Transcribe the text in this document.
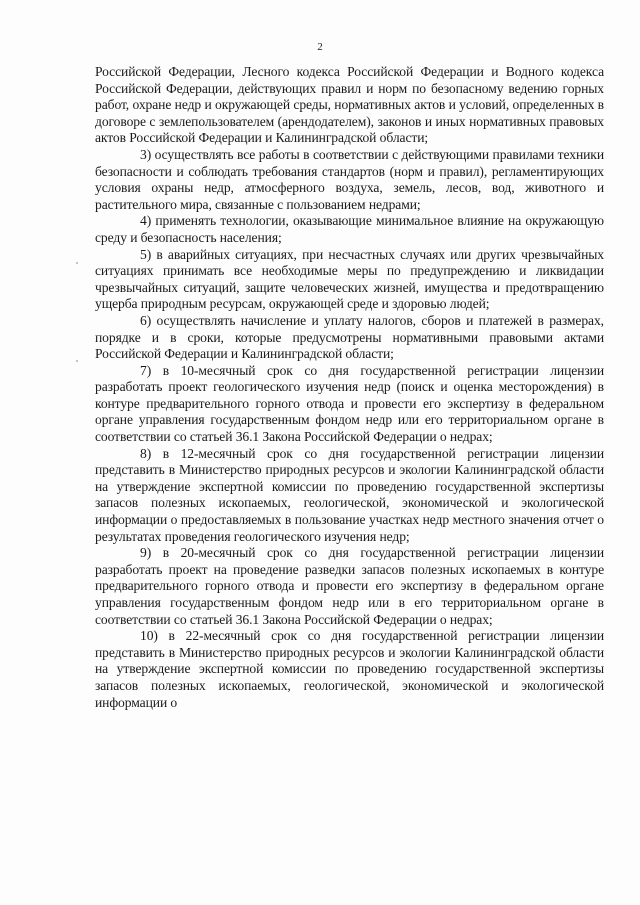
2

Российской Федерации, Лесного кодекса Российской Федерации и Водного кодекса Российской Федерации, действующих правил и норм по безопасному ведению горных работ, охране недр и окружающей среды, нормативных актов и условий, определенных в договоре с землепользователем (арендодателем), законов и иных нормативных правовых актов Российской Федерации и Калининградской области;

3) осуществлять все работы в соответствии с действующими правилами техники безопасности и соблюдать требования стандартов (норм и правил), регламентирующих условия охраны недр, атмосферного воздуха, земель, лесов, вод, животного и растительного мира, связанные с пользованием недрами;

4) применять технологии, оказывающие минимальное влияние на окружающую среду и безопасность населения;

5) в аварийных ситуациях, при несчастных случаях или других чрезвычайных ситуациях принимать все необходимые меры по предупреждению и ликвидации чрезвычайных ситуаций, защите человеческих жизней, имущества и предотвращению ущерба природным ресурсам, окружающей среде и здоровью людей;

6) осуществлять начисление и уплату налогов, сборов и платежей в размерах, порядке и в сроки, которые предусмотрены нормативными правовыми актами Российской Федерации и Калининградской области;

7) в 10-месячный срок со дня государственной регистрации лицензии разработать проект геологического изучения недр (поиск и оценка месторождения) в контуре предварительного горного отвода и провести его экспертизу в федеральном органе управления государственным фондом недр или его территориальном органе в соответствии со статьей 36.1 Закона Российской Федерации о недрах;

8) в 12-месячный срок со дня государственной регистрации лицензии представить в Министерство природных ресурсов и экологии Калининградской области на утверждение экспертной комиссии по проведению государственной экспертизы запасов полезных ископаемых, геологической, экономической и экологической информации о предоставляемых в пользование участках недр местного значения отчет о результатах проведения геологического изучения недр;

9) в 20-месячный срок со дня государственной регистрации лицензии разработать проект на проведение разведки запасов полезных ископаемых в контуре предварительного горного отвода и провести его экспертизу в федеральном органе управления государственным фондом недр или в его территориальном органе в соответствии со статьей 36.1 Закона Российской Федерации о недрах;

10) в 22-месячный срок со дня государственной регистрации лицензии представить в Министерство природных ресурсов и экологии Калининградской области на утверждение экспертной комиссии по проведению государственной экспертизы запасов полезных ископаемых, геологической, экономической и экологической информации о
